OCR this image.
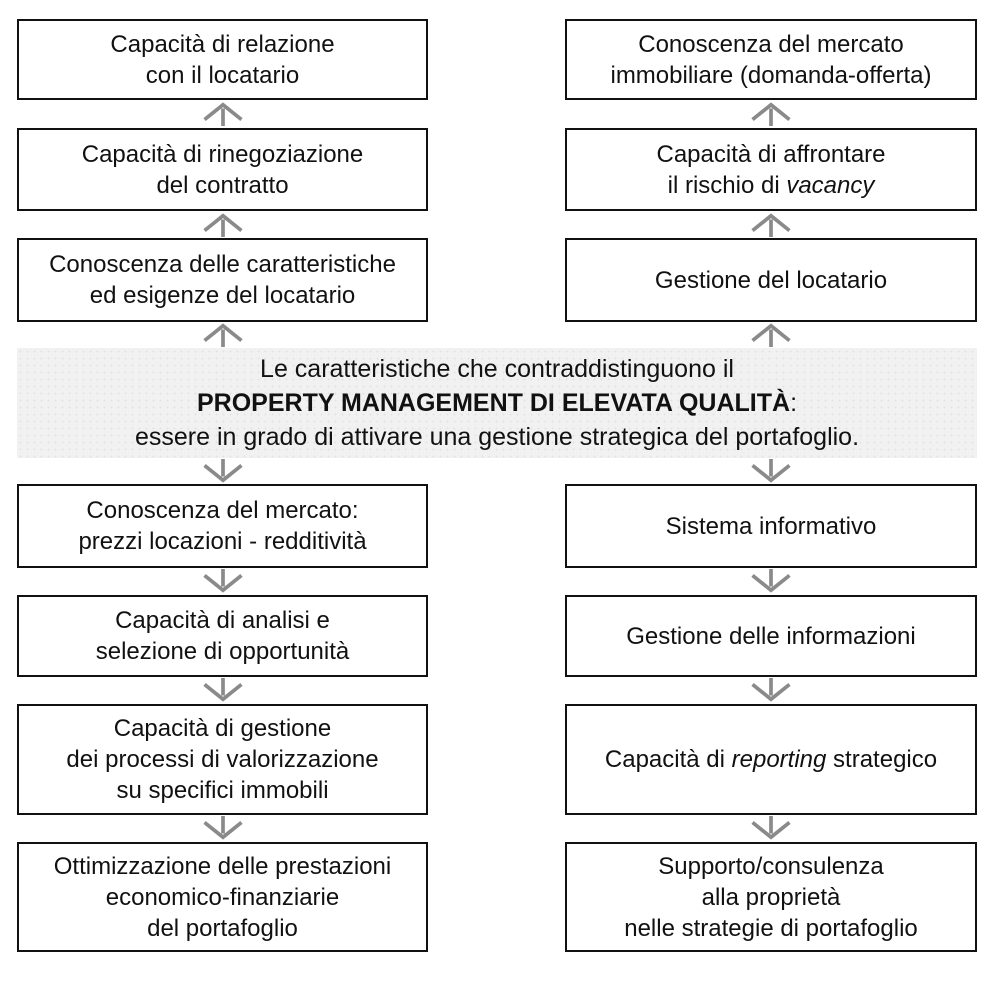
Capacità di relazione
con il locatario
Capacità di rinegoziazione
del contratto
Conoscenza delle caratteristiche
ed esigenze del locatario
Conoscenza del mercato
immobiliare (domanda-offerta)
Capacità di affrontare
il rischio di vacancy
Gestione del locatario
Le caratteristiche che contraddistinguono il
PROPERTY MANAGEMENT DI ELEVATA QUALITÀ:
essere in grado di attivare una gestione strategica del portafoglio.
Conoscenza del mercato:
prezzi locazioni - redditività
Capacità di analisi e
selezione di opportunità
Capacità di gestione
dei processi di valorizzazione
su specifici immobili
Ottimizzazione delle prestazioni
economico-finanziarie
del portafoglio
Sistema informativo
Gestione delle informazioni
Capacità di reporting strategico
Supporto/consulenza
alla proprietà
nelle strategie di portafoglio
